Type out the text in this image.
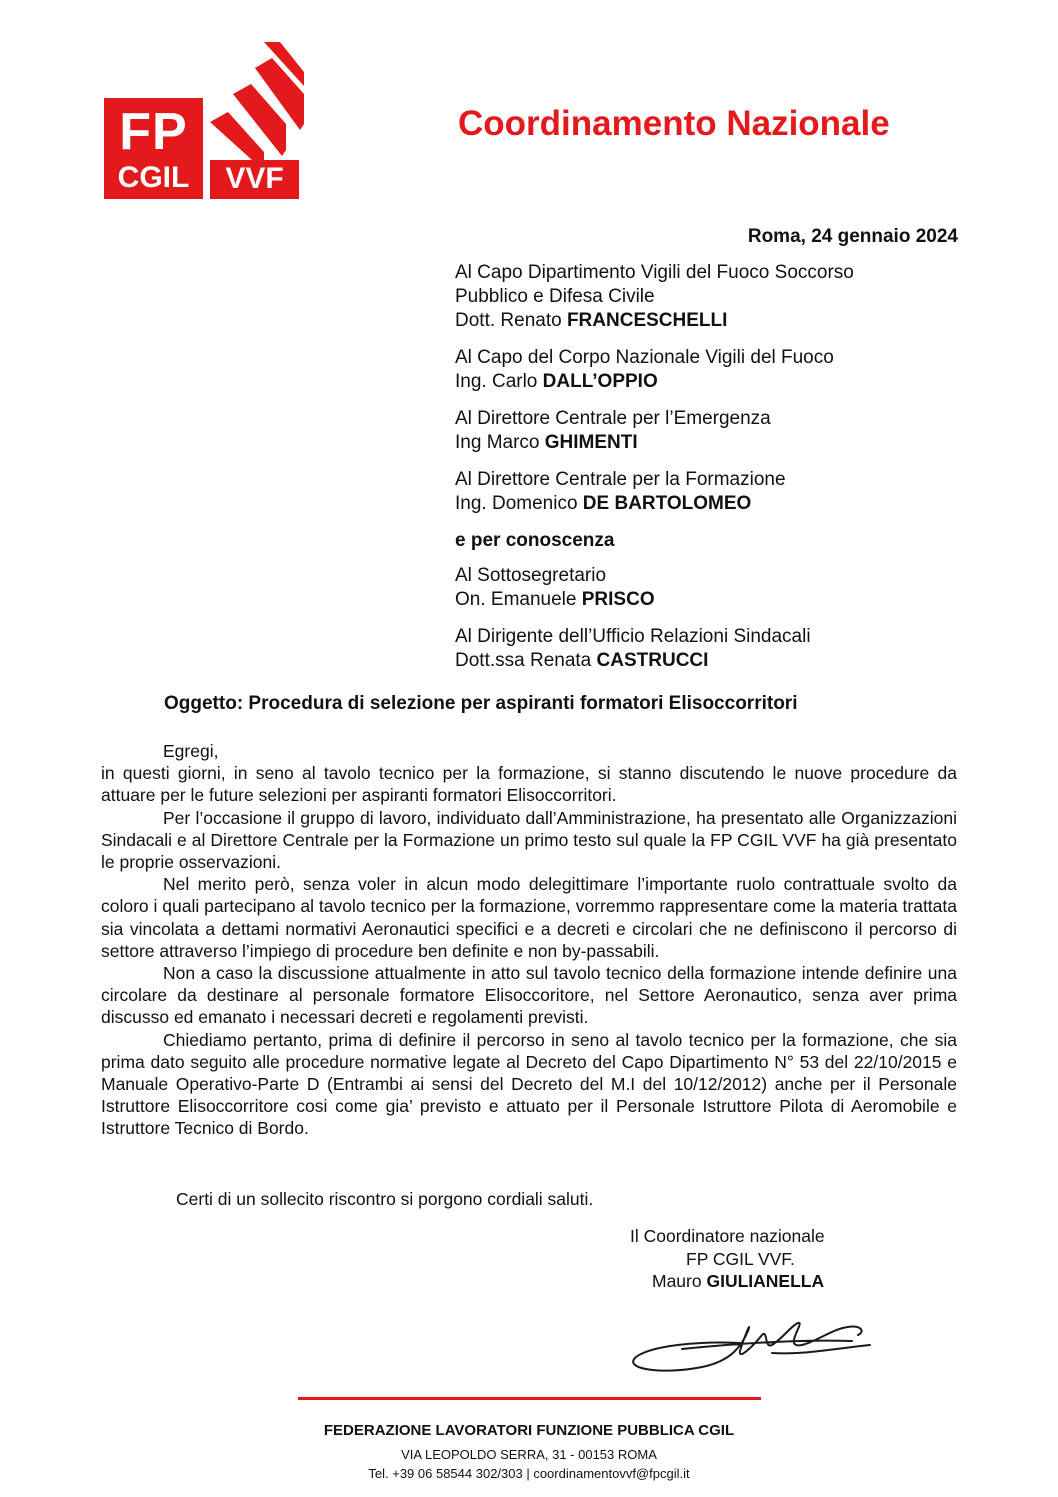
FP
CGIL	VVF
Coordinamento Nazionale
Roma, 24 gennaio 2024
Al Capo Dipartimento Vigili del Fuoco Soccorso
Pubblico e Difesa Civile
Dott. Renato FRANCESCHELLI
Al Capo del Corpo Nazionale Vigili del Fuoco
Ing. Carlo DALL’OPPIO
Al Direttore Centrale per l’Emergenza
Ing Marco GHIMENTI
Al Direttore Centrale per la Formazione
Ing. Domenico DE BARTOLOMEO
e per conoscenza
Al Sottosegretario
On. Emanuele PRISCO
Al Dirigente dell’Ufficio Relazioni Sindacali
Dott.ssa Renata CASTRUCCI
Oggetto: Procedura di selezione per aspiranti formatori Elisoccorritori

Egregi,

in questi giorni, in seno al tavolo tecnico per la formazione, si stanno discutendo le nuove procedure da attuare per le future selezioni per aspiranti formatori Elisoccorritori.

Per l’occasione il gruppo di lavoro, individuato dall’Amministrazione, ha presentato alle Organizzazioni Sindacali e al Direttore Centrale per la Formazione un primo testo sul quale la FP CGIL VVF ha già presentato le proprie osservazioni.

Nel merito però, senza voler in alcun modo delegittimare l’importante ruolo contrattuale svolto da coloro i quali partecipano al tavolo tecnico per la formazione, vorremmo rappresentare come la materia trattata sia vincolata a dettami normativi Aeronautici specifici e a decreti e circolari che ne definiscono il percorso di settore attraverso l’impiego di procedure ben definite e non by-passabili.

Non a caso la discussione attualmente in atto sul tavolo tecnico della formazione intende definire una circolare da destinare al personale formatore Elisoccoritore, nel Settore Aeronautico, senza aver prima discusso ed emanato i necessari decreti e regolamenti previsti.

Chiediamo pertanto, prima di definire il percorso in seno al tavolo tecnico per la formazione, che sia prima dato seguito alle procedure normative legate al Decreto del Capo Dipartimento N° 53 del 22/10/2015 e Manuale Operativo-Parte D (Entrambi ai sensi del Decreto del M.I del 10/12/2012) anche per il Personale Istruttore Elisoccorritore cosi come gia’ previsto e attuato per il Personale Istruttore Pilota di Aeromobile e Istruttore Tecnico di Bordo.

Certi di un sollecito riscontro si porgono cordiali saluti.
Il Coordinatore nazionale
FP CGIL VVF.
Mauro GIULIANELLA
FEDERAZIONE LAVORATORI FUNZIONE PUBBLICA CGIL
VIA LEOPOLDO SERRA, 31 - 00153 ROMA
Tel. +39 06 58544 302/303 | coordinamentovvf@fpcgil.it
